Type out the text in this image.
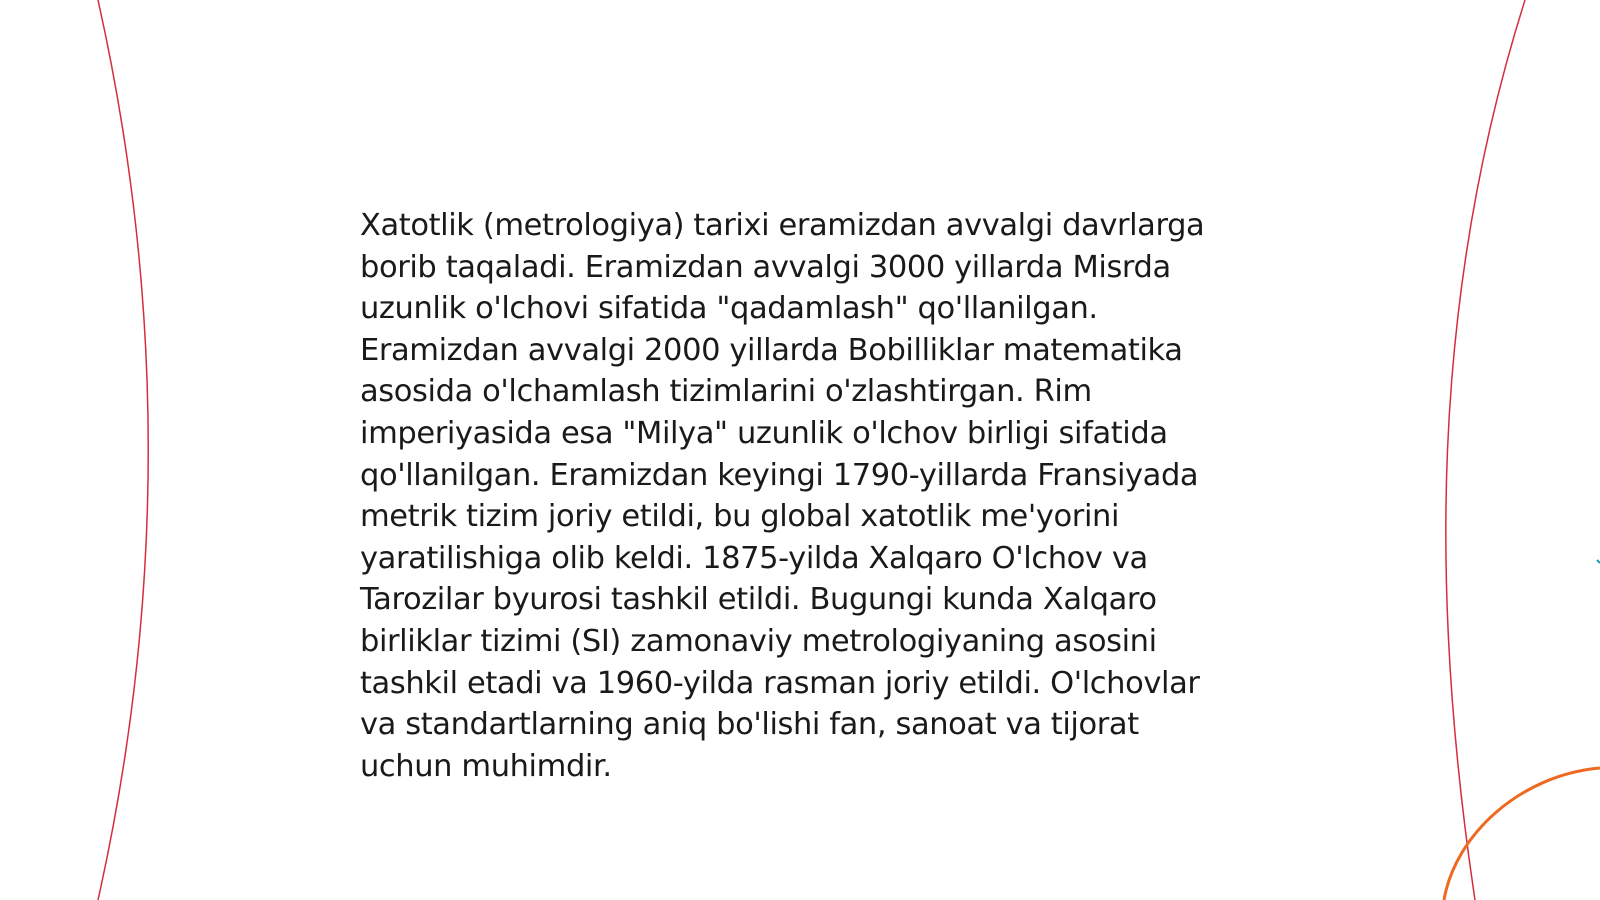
Xatotlik (metrologiya) tarixi eramizdan avvalgi davrlarga borib taqaladi. Eramizdan avvalgi 3000 yillarda Misrda uzunlik o'lchovi sifatida "qadamlash" qo'llanilgan. Eramizdan avvalgi 2000 yillarda Bobilliklar matematika asosida o'lchamlash tizimlarini o'zlashtirgan. Rim imperiyasida esa "Milya" uzunlik o'lchov birligi sifatida qo'llanilgan. Eramizdan keyingi 1790-yillarda Fransiyada metrik tizim joriy etildi, bu global xatotlik me'yorini yaratilishiga olib keldi. 1875-yilda Xalqaro O'lchov va Tarozilar byurosi tashkil etildi. Bugungi kunda Xalqaro birliklar tizimi (SI) zamonaviy metrologiyaning asosini tashkil etadi va 1960-yilda rasman joriy etildi. O'lchovlar va standartlarning aniq bo'lishi fan, sanoat va tijorat uchun muhimdir.
